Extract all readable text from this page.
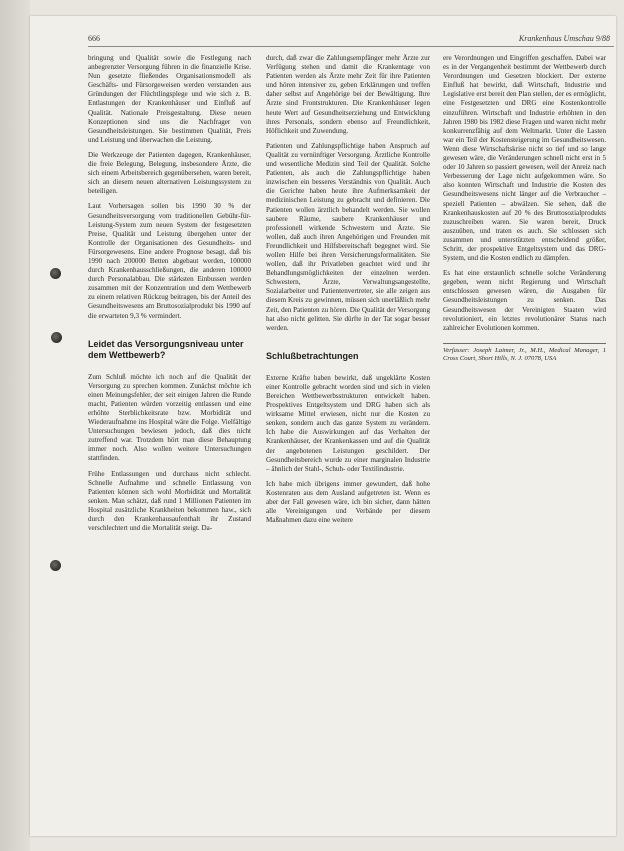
666	Krankenhaus Umschau 9/88

bringung und Qualität sowie die Festlegung nach anbegrenzter Versorgung führen in die finanzielle Krise. Nun gesetzte fließendes Organisationsmodell als Geschäfts- und Fürsorgeweisen werden verstanden aus Gründungen der Flüchtlingsplege und wie sich z. B. Entlastungen der Krankenhäuser und Einfluß auf Qualität. Nationale Preisgestaltung. Diese neuen Konzeptionen sind uns die Nachfrager von Gesundheitsleistungen. Sie bestimmen Qualität, Preis und Leistung und überwachen die Leistung.

Die Werkzeuge der Patienten dagegen, Krankenhäuser, die freie Belegung, Belegung, insbesondere Ärzte, die sich einem Arbeitsbereich gegenübersehen, waren bereit, sich an diesem neuen alternativen Leistungssystem zu beteiligen.

Laut Vorhersagen sollen bis 1990 30 % der Gesundheitsversorgung vom traditionellen Gebühr-für-Leistung-System zum neuen System der festgesetzten Preise, Qualität und Leistung übergehen unter der Kontrolle der Organisationen des Gesundheits- und Fürsorgewesens. Eine andere Prognose besagt, daß bis 1990 nach 200000 Betten abgebaut werden, 100000 durch Krankenhausschließungen, die anderen 100000 durch Personalabbau. Die stärksten Einbussen werden zusammen mit der Konzentration und dem Wettbewerb zu einem relativen Rückzug beitragen, bis der Anteil des Gesundheitswesens am Bruttosozialprodukt bis 1990 auf die erwarteten 9,3 % vermindert.

Leidet das Versorgungsniveau unter dem Wettbewerb?

Zum Schluß möchte ich noch auf die Qualität der Versorgung zu sprechen kommen. Zunächst möchte ich einen Meinungsfehler, der seit einigen Jahren die Runde macht, Patienten würden vorzeitig entlassen und eine erhöhte Sterblichkeitsrate bzw. Morbidität und Wiederaufnahme ins Hospital wäre die Folge. Vielfältige Untersuchungen bewiesen jedoch, daß dies nicht zutreffend war. Trotzdem hört man diese Behauptung immer noch. Also wollen weitere Untersuchungen stattfinden.

Frühe Entlassungen und durchaus nicht schlecht. Schnelle Aufnahme und schnelle Entlassung von Patienten können sich wohl Morbidität und Mortalität senken. Man schätzt, daß rund 1 Millionen Patienten im Hospital zusätzliche Krankheiten bekommen haw., sich durch den Krankenhausaufenthalt ihr Zustand verschlechtert und die Mortalität steigt. Da-

durch, daß zwar die Zahlungsempfänger mehr Ärzte zur Verfügung stehen und damit die Krankentage von Patienten werden als Ärzte mehr Zeit für ihre Patienten und hören intensiver zu, geben Erklärungen und treffen daher selbst auf Angehörige bei der Bewältigung. Ihre Ärzte sind Frontstrukturen. Die Krankenhäuser legen heute Wert auf Gesundheitserziehung und Entwicklung ihres Personals, sondern ebenso auf Freundlichkeit, Höflichkeit und Zuwendung.

Patienten und Zahlungspflichtige haben Anspruch auf Qualität zu vernünftiger Versorgung. Ärztliche Kontrolle und wesentliche Medizin sind Teil der Qualität. Solche Patienten, als auch die Zahlungspflichtige haben inzwischen ein besseres Verständnis von Qualität. Auch die Gerichte haben heute ihre Aufmerksamkeit der medizinischen Leistung zu gebracht und definieren. Die Patienten wollen ärztlich behandelt werden. Sie wollen saubere Räume, saubere Krankenhäuser und professionell wirkende Schwestern und Ärzte. Sie wollen, daß auch ihren Angehörigen und Freunden mit Freundlichkeit und Hilfsbereitschaft begegnet wird. Sie wollen Hilfe bei ihren Versicherungsformalitäten. Sie wollen, daß ihr Privatleben geachtet wird und ihr Behandlungsmöglichkeiten der einzelnen werden. Schwestern, Ärzte, Verwaltungsangestellte, Sozialarbeiter und Patientenvertreter, sie alle zeigen aus diesem Kreis zu gewinnen, müssen sich unerläßlich mehr Zeit, den Patienten zu hören. Die Qualität der Versorgung hat also nicht gelitten. Sie dürfte in der Tat sogar besser werden.

Schlußbetrachtungen

Externe Kräfte haben bewirkt, daß ungeklärte Kosten einer Kontrolle gebracht worden sind und sich in vielen Bereichen Wettbewerbsstrukturen entwickelt haben. Prospektives Entgeltsystem und DRG haben sich als wirksame Mittel erwiesen, nicht nur die Kosten zu senken, sondern auch das ganze System zu verändern. Ich habe die Auswirkungen auf das Verhalten der Krankenhäuser, der Krankenkassen und auf die Qualität der angebotenen Leistungen geschildert. Der Gesundheitsbereich wurde zu einer marginalen Industrie – ähnlich der Stahl-, Schuh- oder Textilindustrie.

Ich habe mich übrigens immer gewundert, daß hohe Kostenraten aus dem Ausland aufgetreten ist. Wenn es aber der Fall gewesen wäre, ich bin sicher, dann hätten alle Vereinigungen und Verbände per diesem Maßnahmen dazu eine weitere

ere Verordnungen und Eingriffen geschaffen. Dabei war es in der Vergangenheit bestimmt der Wettbewerb durch Verordnungen und Gesetzen blockiert. Der externe Einfluß hat bewirkt, daß Wirtschaft, Industrie und Legislative erst bereit den Plan stellen, der es ermöglicht, eine Festgesetzten und DRG eine Kostenkontrolle einzuführen. Wirtschaft und Industrie erhöhten in den Jahren 1980 bis 1982 diese Fragen und waren nicht mehr konkurrenzfähig auf dem Weltmarkt. Unter die Lasten war ein Teil der Kostensteigerung im Gesundheitswesen. Wenn diese Wirtschaftskrise nicht so tief und so lange gewesen wäre, die Veränderungen schnell nicht erst in 5 oder 10 Jahren so passiert gewesen, weil der Anreiz nach Verbesserung der Lage nicht aufgekommen wäre. So also konnten Wirtschaft und Industrie die Kosten des Gesundheitswesens nicht länger auf die Verbraucher – speziell Patienten – abwälzen. Sie sehen, daß die Krankenhauskosten auf 20 % des Bruttosozialprodukts zuzuschreiben waren. Sie waren bereit, Druck auszuüben, und traten es auch. Sie schlossen sich zusammen und unterstützten entscheidend größer, Schritt, der prospektive Entgeltsystem und das DRG-System, und die Kosten endlich zu dämpfen.

Es hat eine erstaunlich schnelle solche Veränderung gegeben, wenn nicht Regierung und Wirtschaft entschlossen gewesen wären, die Ausgaben für Gesundheitsleistungen zu senken. Das Gesundheitswesen der Vereinigten Staaten wird revolutioniert, ein letztes revolutionärer Status nach zahlreicher Evolutionen kommen.

Verfasser: Joseph Laimer, Jr., M.H., Medical Manager, 1 Cross Court, Short Hills, N. J. 07078, USA
